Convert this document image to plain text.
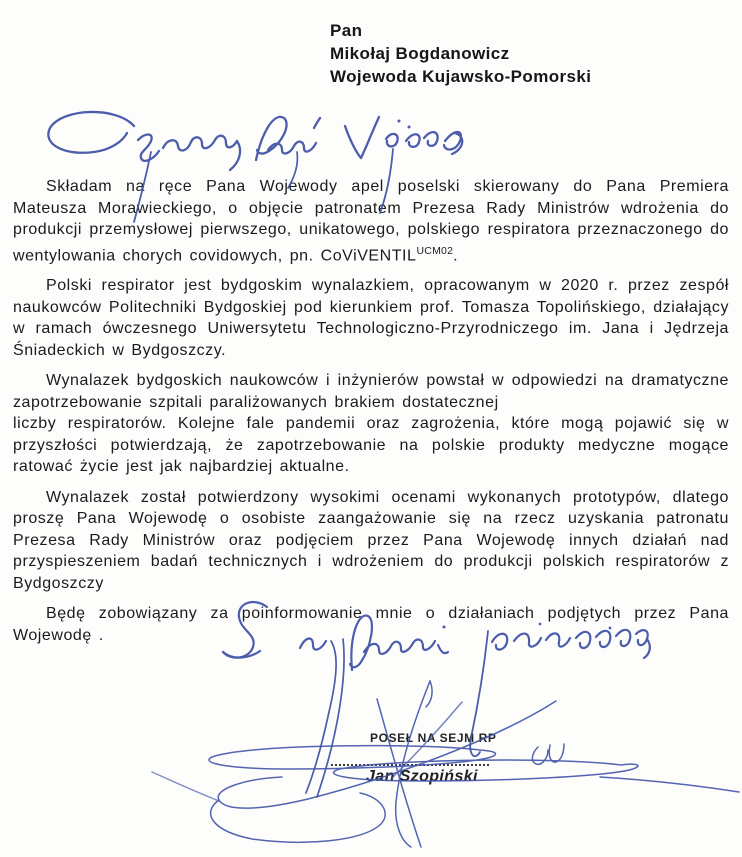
Pan
Mikołaj Bogdanowicz
Wojewoda Kujawsko-Pomorski

Składam na ręce Pana Wojewody apel poselski skierowany do Pana Premiera Mateusza Morawieckiego, o objęcie patronatem Prezesa Rady Ministrów wdrożenia do produkcji przemysłowej pierwszego, unikatowego, polskiego respiratora przeznaczonego do wentylowania chorych covidowych, pn. CoViVENTIL$^{UCM02}$.

Polski respirator jest bydgoskim wynalazkiem, opracowanym w 2020 r. przez zespół naukowców Politechniki Bydgoskiej pod kierunkiem prof. Tomasza Topolińskiego, działający w ramach ówczesnego Uniwersytetu Technologiczno-Przyrodniczego im. Jana i Jędrzeja Śniadeckich w Bydgoszczy.

Wynalazek bydgoskich naukowców i inżynierów powstał w odpowiedzi na dramatyczne zapotrzebowanie szpitali paraliżowanych brakiem dostatecznej
liczby respiratorów. Kolejne fale pandemii oraz zagrożenia, które mogą pojawić się w przyszłości potwierdzają, że zapotrzebowanie na polskie produkty medyczne mogące ratować życie jest jak najbardziej aktualne.

Wynalazek został potwierdzony wysokimi ocenami wykonanych prototypów, dlatego proszę Pana Wojewodę o osobiste zaangażowanie się na rzecz uzyskania patronatu Prezesa Rady Ministrów oraz podjęciem przez Pana Wojewodę innych działań nad przyspieszeniem badań technicznych i wdrożeniem do produkcji polskich respiratorów z Bydgoszczy

Będę zobowiązany za poinformowanie mnie o działaniach podjętych przez Pana Wojewodę .

POSEŁ NA SEJM RP
Jan Szopiński
